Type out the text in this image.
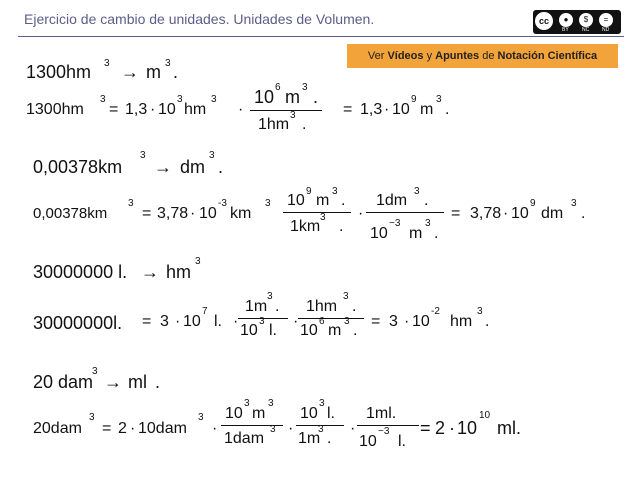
Ejercicio de cambio de unidades. Unidades de Volumen.	cc	●	$	=
BY	NC	ND
Ver Vídeos y Apuntes de Notación Científica
1300hm 3 → m 3 .
1300hm
3
= 1,3 · 10
3
hm
3
·
10 6 m 3 .
1hm
3
.
= 1,3 · 10
9
m
3
.
0,00378km
3
→ dm
3
.
0,00378km
3
= 3,78 · 10
-3
km
3 10
9
m
3
.
1km
3
.
·
1dm
3
.
10
−3
m
3
.
= 3,78 · 10
9
dm
3
.
30000000 l. → hm
3
30000000l. = 3 · 10
7
l. ·
1m
3
.
10
3
l.
·
1hm
3
.
10
6
m
3
.
= 3 · 10
-2
hm
3
.
20 dam
3
→ ml .
20dam
3
= 2 · 10dam
3
·
10
3
m
3
1dam
3 ·
10
3
l.
1m
3
.
·
1ml.
10
−3
l.
= 2 · 10
10
ml.
